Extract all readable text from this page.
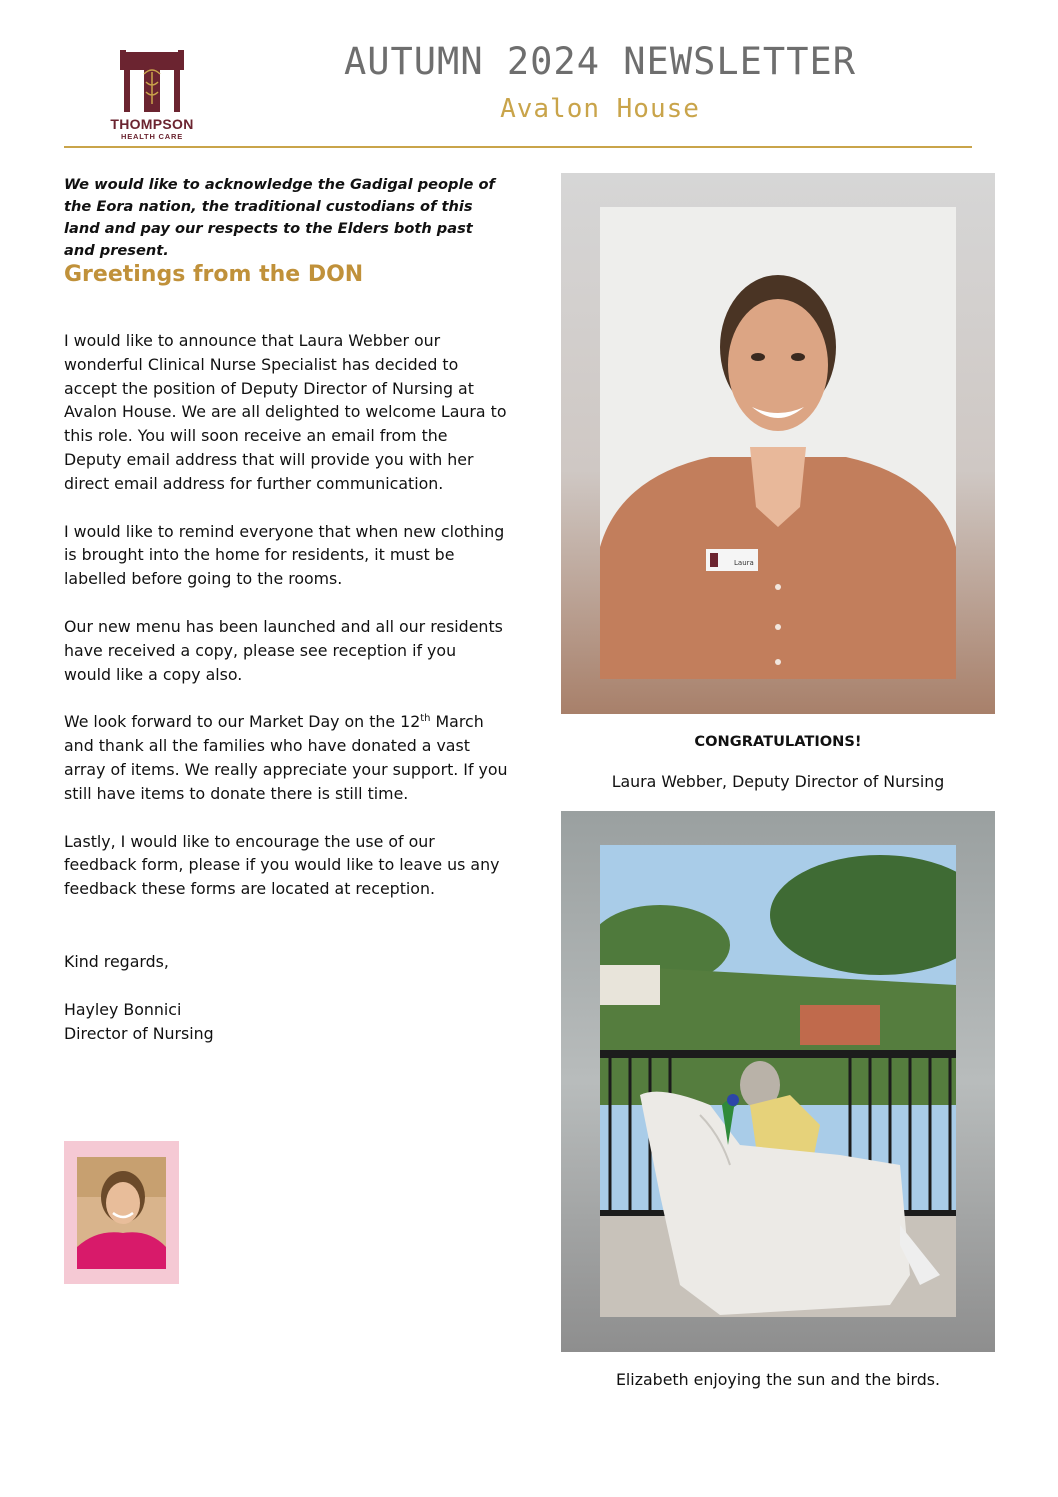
THOMPSON
HEALTH CARE
AUTUMN 2024 NEWSLETTER
Avalon House
We would like to acknowledge the Gadigal people of the Eora nation, the traditional custodians of this land and pay our respects to the Elders both past and present.
Greetings from the DON

I would like to announce that Laura Webber our wonderful Clinical Nurse Specialist has decided to accept the position of Deputy Director of Nursing at Avalon House. We are all delighted to welcome Laura to this role. You will soon receive an email from the Deputy email address that will provide you with her direct email address for further communication.

I would like to remind everyone that when new clothing is brought into the home for residents, it must be labelled before going to the rooms.

Our new menu has been launched and all our residents have received a copy, please see reception if you would like a copy also.

We look forward to our Market Day on the 12th March and thank all the families who have donated a vast array of items. We really appreciate your support. If you still have items to donate there is still time.

Lastly, I would like to encourage the use of our feedback form, please if you would like to leave us any feedback these forms are located at reception.

Kind regards,

Hayley Bonnici
Director of Nursing
Laura
CONGRATULATIONS!
Laura Webber, Deputy Director of Nursing
Elizabeth enjoying the sun and the birds.
